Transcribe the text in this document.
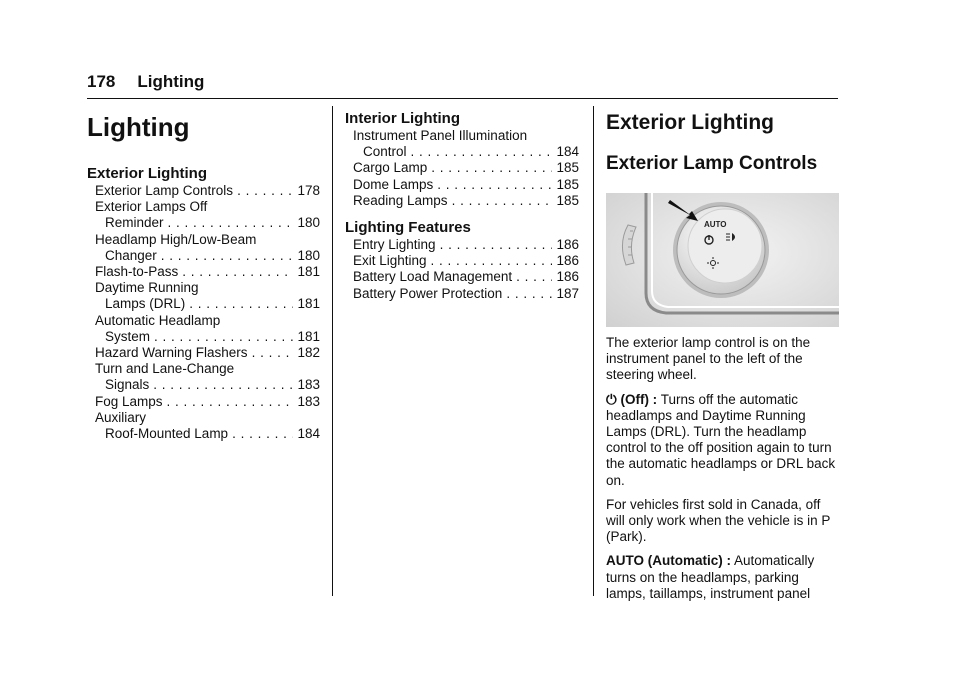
178 Lighting
Lighting
Exterior Lighting
Exterior Lamp Controls . . .	178
Exterior Lamps Off
Reminder . . .	180
Headlamp High/Low-Beam
Changer . . .	180
Flash-to-Pass . . .	181
Daytime Running
Lamps (DRL) . . .	181
Automatic Headlamp
System . . .	181
Hazard Warning Flashers . . .	182
Turn and Lane-Change
Signals . . .	183
Fog Lamps . . .	183
Auxiliary
Roof-Mounted Lamp . . .	184
Interior Lighting
Instrument Panel Illumination
Control . . .	184
Cargo Lamp . . .	185
Dome Lamps . . .	185
Reading Lamps . . .	185
Lighting Features
Entry Lighting . . .	186
Exit Lighting . . .	186
Battery Load Management . . .	186
Battery Power Protection . . .	187
Exterior Lighting
Exterior Lamp Controls
AUTO

The exterior lamp control is on the instrument panel to the left of the steering wheel.

⏻ (Off) : Turns off the automatic headlamps and Daytime Running Lamps (DRL). Turn the headlamp control to the off position again to turn the automatic headlamps or DRL back on.

For vehicles first sold in Canada, off will only work when the vehicle is in P (Park).

AUTO (Automatic) : Automatically turns on the headlamps, parking lamps, taillamps, instrument panel
